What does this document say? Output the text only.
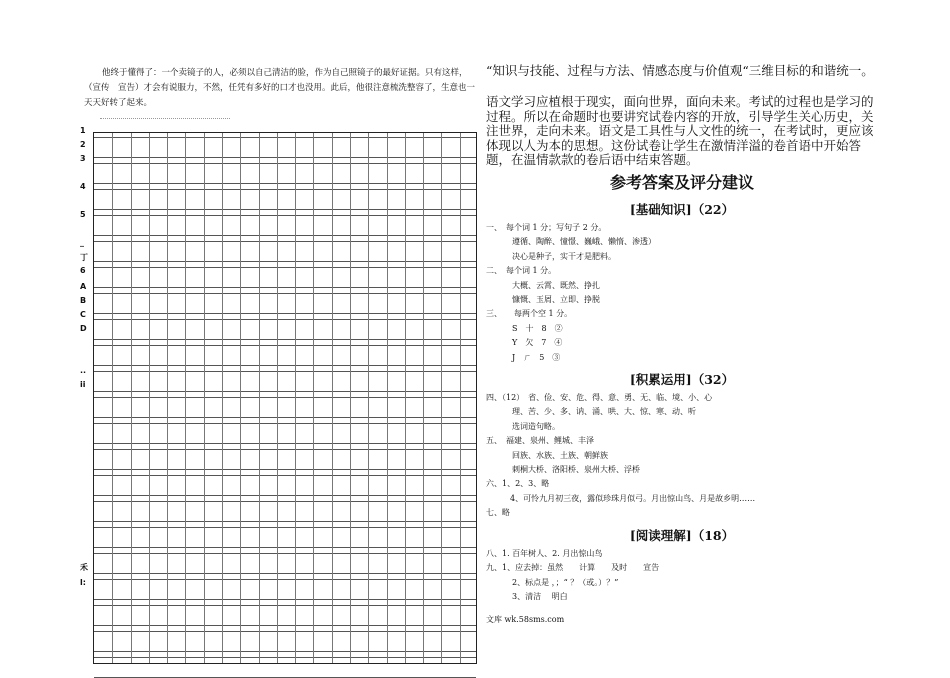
他终于懂得了：一个卖镜子的人，必须以自己清洁的脸，作为自己照镜子的最好证据。只有这样，（宣传　宣告）才会有说服力，不然，任凭有多好的口才也没用。此后，他很注意梳洗整容了，生意也一天天好转了起来。
1
2
3
4
5
_
丁
6
A
B
C
D
..
ii
禾
l:
“知识与技能、过程与方法、情感态度与价值观“三维目标的和谐统一。
语文学习应植根于现实，面向世界，面向未来。考试的过程也是学习的过程。所以在命题时也要讲究试卷内容的开放，引导学生关心历史，关注世界，走向未来。语文是工具性与人文性的统一，在考试时，更应该体现以人为本的思想。这份试卷让学生在激情洋溢的卷首语中开始答题，在温情款款的卷后语中结束答题。
参考答案及评分建议
[基础知识]（22）
一、　每个词 1 分；写句子 2 分。
遵循、陶醉、憧憬、巍峨、懒惰、渗透）
决心是种子，实干才是肥料。
二、　每个词 1 分。
大概、云霄、既然、挣扎
慷慨、玉屑、立即、挣脱
三、　　每两个空 1 分。
S　十　8　②
Y　欠　7　④
J　ㄏ　5　③
[积累运用]（32）
四、（12）　省、俭、安、危、得、意、勇、无、临、境、小、心
理、苦、少、多、讷、涌、哄、大、惊、寒、动、听
选词造句略。
五、　福建、泉州、鲤城、丰泽
回族、水族、土族、朝鲜族
刺桐大桥、洛阳桥、泉州大桥、浮桥
六、1、2、3、略
4、可怜九月初三夜，露似珍珠月似弓。月出惊山鸟、月是故乡明……
七、略
[阅读理解]（18）
八、1. 百年树人、2. 月出惊山鸟
九、1、应去掉：虽然　　计算　　及时　　宣告
2、标点是 ，；“ ？（或。）？”
3、清洁　 明白
文库 wk.58sms.com
